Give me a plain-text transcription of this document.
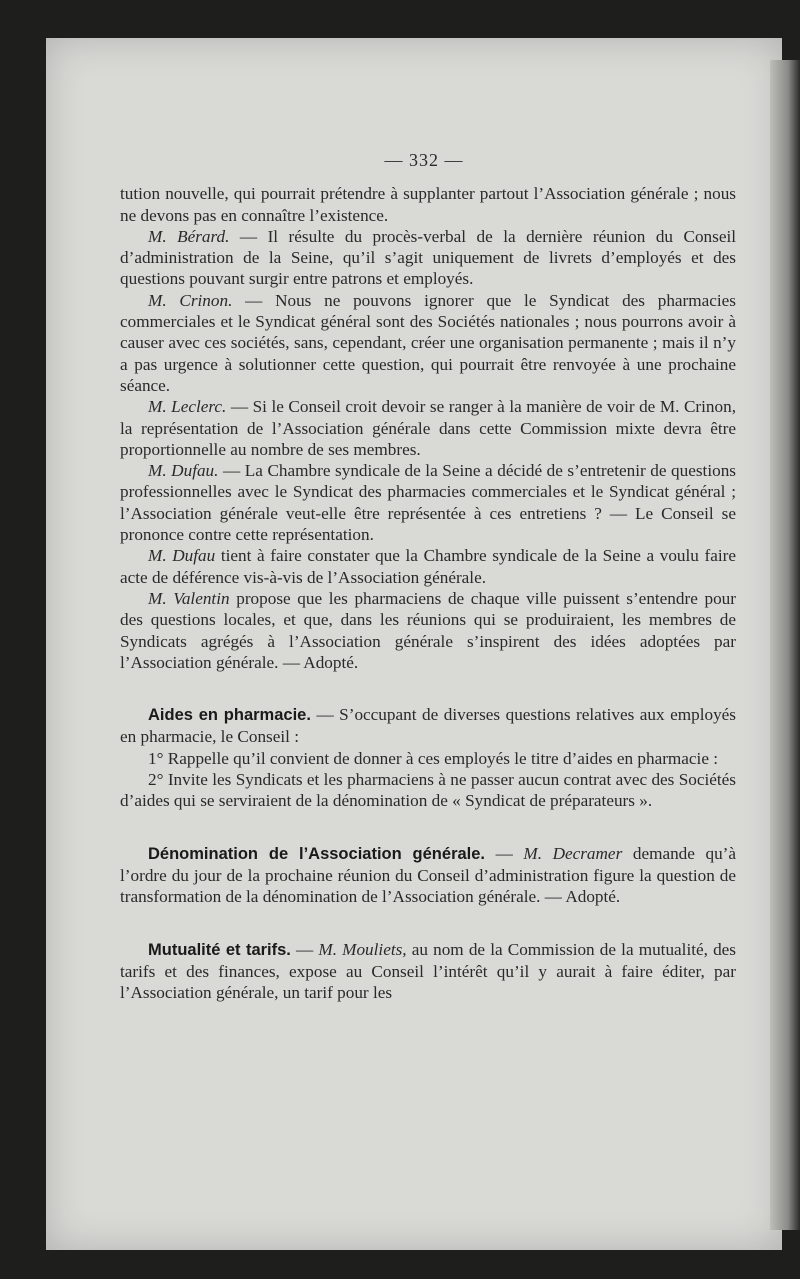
— 332 —

tution nouvelle, qui pourrait prétendre à supplanter partout l’Association générale ; nous ne devons pas en connaître l’existence.

M. Bérard. — Il résulte du procès-verbal de la dernière réunion du Conseil d’administration de la Seine, qu’il s’agit uniquement de livrets d’employés et des questions pouvant surgir entre patrons et employés.

M. Crinon. — Nous ne pouvons ignorer que le Syndicat des pharmacies commerciales et le Syndicat général sont des Sociétés nationales ; nous pourrons avoir à causer avec ces sociétés, sans, cependant, créer une organisation permanente ; mais il n’y a pas urgence à solutionner cette question, qui pourrait être renvoyée à une prochaine séance.

M. Leclerc. — Si le Conseil croit devoir se ranger à la manière de voir de M. Crinon, la représentation de l’Association générale dans cette Commission mixte devra être proportionnelle au nombre de ses membres.

M. Dufau. — La Chambre syndicale de la Seine a décidé de s’entretenir de questions professionnelles avec le Syndicat des pharmacies commerciales et le Syndicat général ; l’Association générale veut-elle être représentée à ces entretiens ? — Le Conseil se prononce contre cette représentation.

M. Dufau tient à faire constater que la Chambre syndicale de la Seine a voulu faire acte de déférence vis-à-vis de l’Association générale.

M. Valentin propose que les pharmaciens de chaque ville puissent s’entendre pour des questions locales, et que, dans les réunions qui se produiraient, les membres de Syndicats agrégés à l’Association générale s’inspirent des idées adoptées par l’Association générale. — Adopté.

Aides en pharmacie. — S’occupant de diverses questions relatives aux employés en pharmacie, le Conseil :

1° Rappelle qu’il convient de donner à ces employés le titre d’aides en pharmacie :

2° Invite les Syndicats et les pharmaciens à ne passer aucun contrat avec des Sociétés d’aides qui se serviraient de la dénomination de « Syndicat de préparateurs ».

Dénomination de l’Association générale. — M. Decramer demande qu’à l’ordre du jour de la prochaine réunion du Conseil d’administration figure la question de transformation de la dénomination de l’Association générale. — Adopté.

Mutualité et tarifs. — M. Mouliets, au nom de la Commission de la mutualité, des tarifs et des finances, expose au Conseil l’intérêt qu’il y aurait à faire éditer, par l’Association générale, un tarif pour les
